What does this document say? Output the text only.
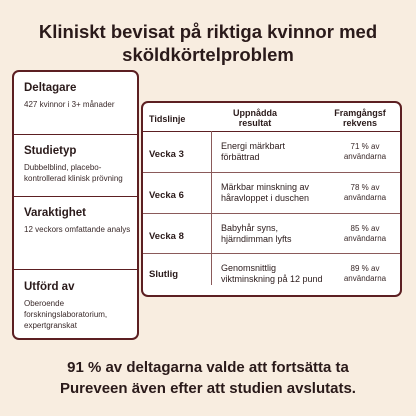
Kliniskt bevisat på riktiga kvinnor med
sköldkörtelproblem
Deltagare
427 kvinnor i 3+ månader
Studietyp
Dubbelblind, placebo-kontrollerad klinisk prövning
Varaktighet
12 veckors omfattande analys
Utförd av
Oberoende forskningslaboratorium, expertgranskat
Tidslinje
Uppnådda
resultat
Framgångsf
rekvens
Vecka 3
Energi märkbart
förbättrad
71 % av
användarna
Vecka 6
Märkbar minskning av
håravloppet i duschen
78 % av
användarna
Vecka 8
Babyhår syns,
hjärndimman lyfts
85 % av
användarna
Slutlig
Genomsnittlig
viktminskning på 12 pund
89 % av
användarna
91 % av deltagarna valde att fortsätta ta
Pureveen även efter att studien avslutats.
